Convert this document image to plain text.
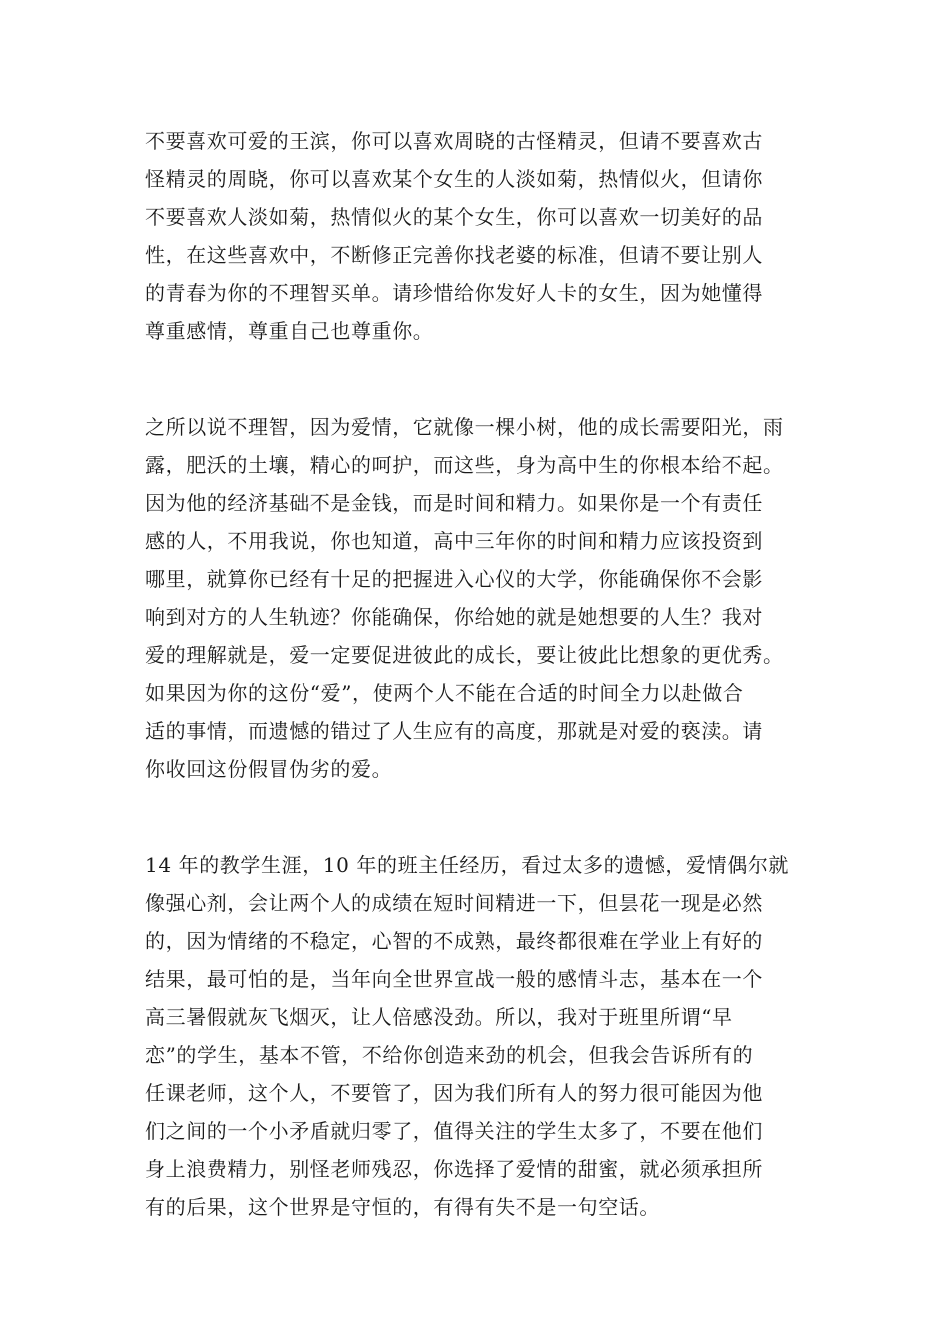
不要喜欢可爱的王滨，你可以喜欢周晓的古怪精灵，但请不要喜欢古
怪精灵的周晓，你可以喜欢某个女生的人淡如菊，热情似火，但请你
不要喜欢人淡如菊，热情似火的某个女生，你可以喜欢一切美好的品
性，在这些喜欢中，不断修正完善你找老婆的标准，但请不要让别人
的青春为你的不理智买单。请珍惜给你发好人卡的女生，因为她懂得
尊重感情，尊重自己也尊重你。
之所以说不理智，因为爱情，它就像一棵小树，他的成长需要阳光，雨
露，肥沃的土壤，精心的呵护，而这些，身为高中生的你根本给不起。
因为他的经济基础不是金钱，而是时间和精力。如果你是一个有责任
感的人，不用我说，你也知道，高中三年你的时间和精力应该投资到
哪里，就算你已经有十足的把握进入心仪的大学，你能确保你不会影
响到对方的人生轨迹？你能确保，你给她的就是她想要的人生？我对
爱的理解就是，爱一定要促进彼此的成长，要让彼此比想象的更优秀。
如果因为你的这份“爱”，使两个人不能在合适的时间全力以赴做合
适的事情，而遗憾的错过了人生应有的高度，那就是对爱的亵渎。请
你收回这份假冒伪劣的爱。
14 年的教学生涯，10 年的班主任经历，看过太多的遗憾，爱情偶尔就
像强心剂，会让两个人的成绩在短时间精进一下，但昙花一现是必然
的，因为情绪的不稳定，心智的不成熟，最终都很难在学业上有好的
结果，最可怕的是，当年向全世界宣战一般的感情斗志，基本在一个
高三暑假就灰飞烟灭，让人倍感没劲。所以，我对于班里所谓“早
恋”的学生，基本不管，不给你创造来劲的机会，但我会告诉所有的
任课老师，这个人，不要管了，因为我们所有人的努力很可能因为他
们之间的一个小矛盾就归零了，值得关注的学生太多了，不要在他们
身上浪费精力，别怪老师残忍，你选择了爱情的甜蜜，就必须承担所
有的后果，这个世界是守恒的，有得有失不是一句空话。
